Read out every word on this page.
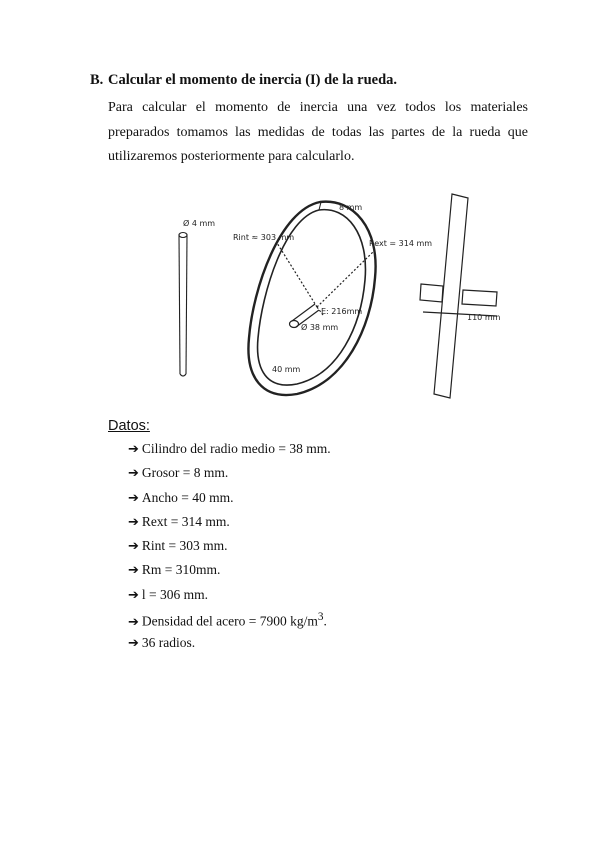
B. Calcular el momento de inercia (I) de la rueda.
Para calcular el momento de inercia una vez todos los materiales
preparados tomamos las medidas de todas las partes de la rueda que
utilizaremos posteriormente para calcularlo.
Ø 4 mm
Rint ≈ 303 mm
8 mm
Rext = 314 mm
E: 216mm
Ø 38 mm
40 mm
110 mm
Datos:
➔ Cilindro del radio medio = 38 mm.
➔ Grosor = 8 mm.
➔ Ancho = 40 mm.
➔ Rext = 314 mm.
➔ Rint = 303 mm.
➔ Rm = 310mm.
➔ l = 306 mm.
➔ Densidad del acero = 7900 $kg/m^3$.
➔ 36 radios.
